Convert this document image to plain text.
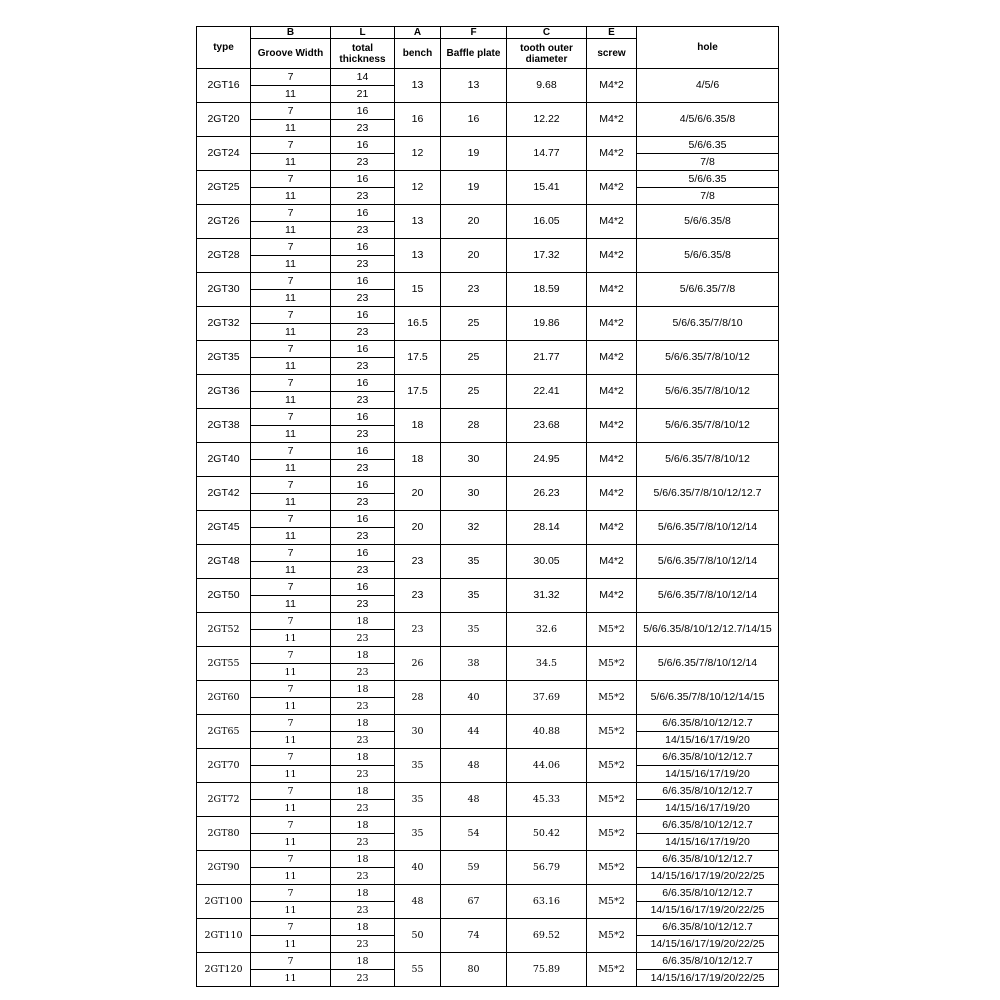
type	B	L	A	F	C	E	hole
	Groove Width	total thickness	bench	Baffle plate	tooth outer diameter	screw	
2GT16	7	14	13	13	9.68	M4*2	4/5/6
	11	21					
2GT20	7	16	16	16	12.22	M4*2	4/5/6/6.35/8
	11	23					
2GT24	7	16	12	19	14.77	M4*2	5/6/6.35
	11	23					7/8
2GT25	7	16	12	19	15.41	M4*2	5/6/6.35
	11	23					7/8
2GT26	7	16	13	20	16.05	M4*2	5/6/6.35/8
	11	23					
2GT28	7	16	13	20	17.32	M4*2	5/6/6.35/8
	11	23					
2GT30	7	16	15	23	18.59	M4*2	5/6/6.35/7/8
	11	23					
2GT32	7	16	16.5	25	19.86	M4*2	5/6/6.35/7/8/10
	11	23					
2GT35	7	16	17.5	25	21.77	M4*2	5/6/6.35/7/8/10/12
	11	23					
2GT36	7	16	17.5	25	22.41	M4*2	5/6/6.35/7/8/10/12
	11	23					
2GT38	7	16	18	28	23.68	M4*2	5/6/6.35/7/8/10/12
	11	23					
2GT40	7	16	18	30	24.95	M4*2	5/6/6.35/7/8/10/12
	11	23					
2GT42	7	16	20	30	26.23	M4*2	5/6/6.35/7/8/10/12/12.7
	11	23					
2GT45	7	16	20	32	28.14	M4*2	5/6/6.35/7/8/10/12/14
	11	23					
2GT48	7	16	23	35	30.05	M4*2	5/6/6.35/7/8/10/12/14
	11	23					
2GT50	7	16	23	35	31.32	M4*2	5/6/6.35/7/8/10/12/14
	11	23					
2GT52	7	18	23	35	32.6	M5*2	5/6/6.35/8/10/12/12.7/14/15
	11	23					
2GT55	7	18	26	38	34.5	M5*2	5/6/6.35/7/8/10/12/14
	11	23					
2GT60	7	18	28	40	37.69	M5*2	5/6/6.35/7/8/10/12/14/15
	11	23					
2GT65	7	18	30	44	40.88	M5*2	6/6.35/8/10/12/12.7
	11	23					14/15/16/17/19/20
2GT70	7	18	35	48	44.06	M5*2	6/6.35/8/10/12/12.7
	11	23					14/15/16/17/19/20
2GT72	7	18	35	48	45.33	M5*2	6/6.35/8/10/12/12.7
	11	23					14/15/16/17/19/20
2GT80	7	18	35	54	50.42	M5*2	6/6.35/8/10/12/12.7
	11	23					14/15/16/17/19/20
2GT90	7	18	40	59	56.79	M5*2	6/6.35/8/10/12/12.7
	11	23					14/15/16/17/19/20/22/25
2GT100	7	18	48	67	63.16	M5*2	6/6.35/8/10/12/12.7
	11	23					14/15/16/17/19/20/22/25
2GT110	7	18	50	74	69.52	M5*2	6/6.35/8/10/12/12.7
	11	23					14/15/16/17/19/20/22/25
2GT120	7	18	55	80	75.89	M5*2	6/6.35/8/10/12/12.7
	11	23					14/15/16/17/19/20/22/25
